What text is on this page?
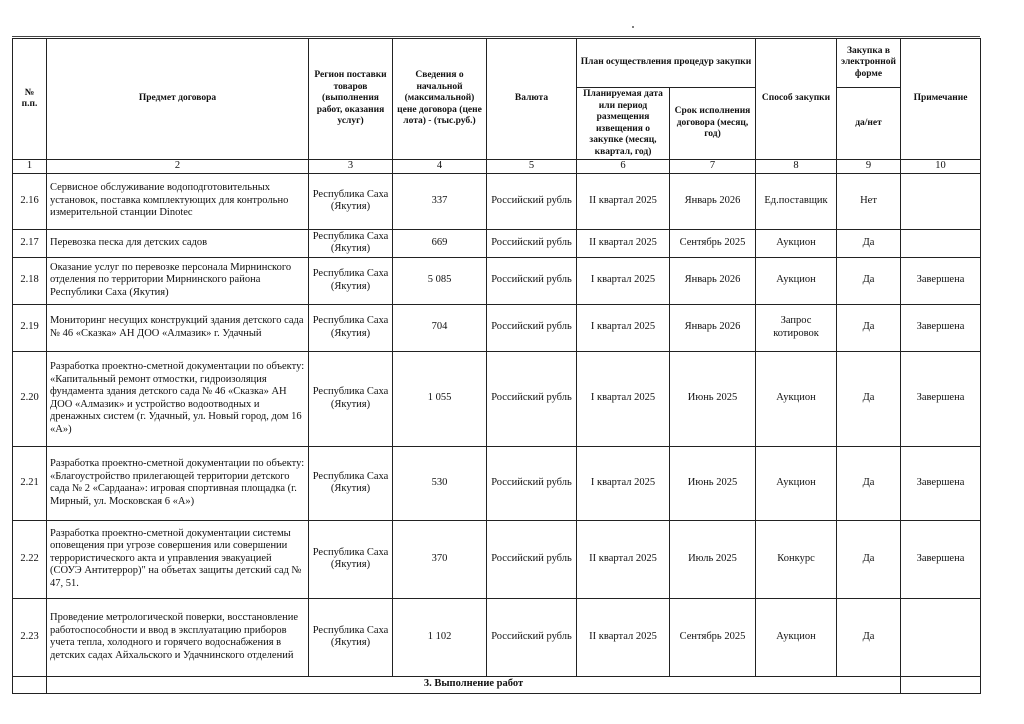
№ п.п.	Предмет договора	Регион поставки товаров (выполнения работ, оказания услуг)	Сведения о начальной (максимальной) цене договора (цене лота) - (тыс.руб.)	Валюта	План осуществления процедур закупки		Способ закупки	Закупка в электронной форме	Примечание
					Планируемая дата или период размещения извещения о закупке (месяц, квартал, год)	Срок исполнения договора (месяц, год)		да/нет	
1	2	3	4	5	6	7	8	9	10
2.16	Сервисное обслуживание водоподготовительных установок, поставка комплектующих для контрольно измерительной станции Dinotec	Республика Саха (Якутия)	337	Российский рубль	II квартал 2025	Январь 2026	Ед.поставщик	Нет	
2.17	Перевозка песка для детских садов	Республика Саха (Якутия)	669	Российский рубль	II квартал 2025	Сентябрь 2025	Аукцион	Да	
2.18	Оказание услуг по перевозке персонала Мирнинского отделения по территории Мирнинского района Республики Саха (Якутия)	Республика Саха (Якутия)	5 085	Российский рубль	I квартал 2025	Январь 2026	Аукцион	Да	Завершена
2.19	Мониторинг несущих конструкций здания детского сада № 46 «Сказка» АН ДОО «Алмазик» г. Удачный	Республика Саха (Якутия)	704	Российский рубль	I квартал 2025	Январь 2026	Запрос котировок	Да	Завершена
2.20	Разработка проектно-сметной документации по объекту: «Капитальный ремонт отмостки, гидроизоляция фундамента здания детского сада № 46 «Сказка» АН ДОО «Алмазик» и устройство водоотводных и дренажных систем (г. Удачный, ул. Новый город, дом 16 «А»)	Республика Саха (Якутия)	1 055	Российский рубль	I квартал 2025	Июнь 2025	Аукцион	Да	Завершена
2.21	Разработка проектно-сметной документации по объекту: «Благоустройство прилегающей территории детского сада № 2 «Сардаана»: игровая спортивная площадка (г. Мирный, ул. Московская 6 «А»)	Республика Саха (Якутия)	530	Российский рубль	I квартал 2025	Июнь 2025	Аукцион	Да	Завершена
2.22	Разработка проектно-сметной документации системы оповещения при угрозе совершения или совершении террористического акта и управления эвакуацией (СОУЭ Антитеррор)" на объетах защиты детский сад № 47, 51.	Республика Саха (Якутия)	370	Российский рубль	II квартал 2025	Июль 2025	Конкурс	Да	Завершена
2.23	Проведение метрологической поверки, восстановление работоспособности и ввод в эксплуатацию приборов учета тепла, холодного и горячего водоснабжения в детских садах Айхальского и Удачнинского отделений	Республика Саха (Якутия)	1 102	Российский рубль	II квартал 2025	Сентябрь 2025	Аукцион	Да	
	3. Выполнение работ								
